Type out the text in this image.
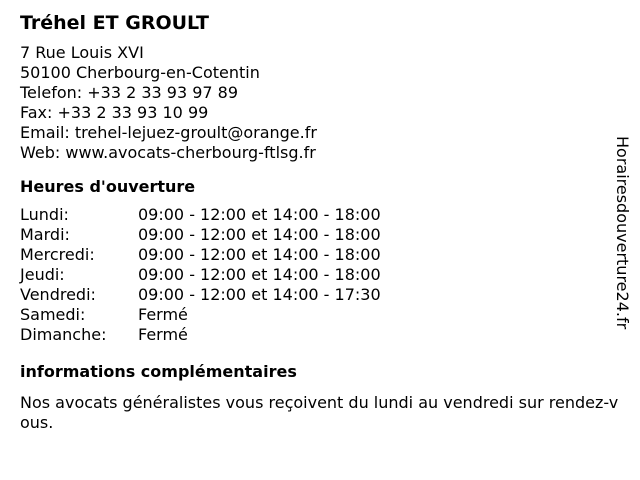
Tréhel ET GROULT
7 Rue Louis XVI
50100 Cherbourg-en-Cotentin
Telefon: +33 2 33 93 97 89
Fax: +33 2 33 93 10 99
Email: trehel-lejuez-groult@orange.fr
Web: www.avocats-cherbourg-ftlsg.fr
Heures d'ouverture
Lundi:	09:00 - 12:00 et 14:00 - 18:00
Mardi:	09:00 - 12:00 et 14:00 - 18:00
Mercredi:	09:00 - 12:00 et 14:00 - 18:00
Jeudi:	09:00 - 12:00 et 14:00 - 18:00
Vendredi:	09:00 - 12:00 et 14:00 - 17:30
Samedi:	Fermé
Dimanche:	Fermé
informations complémentaires
Nos avocats généralistes vous reçoivent du lundi au vendredi sur rendez-vous.
Horairesdouverture24.fr
